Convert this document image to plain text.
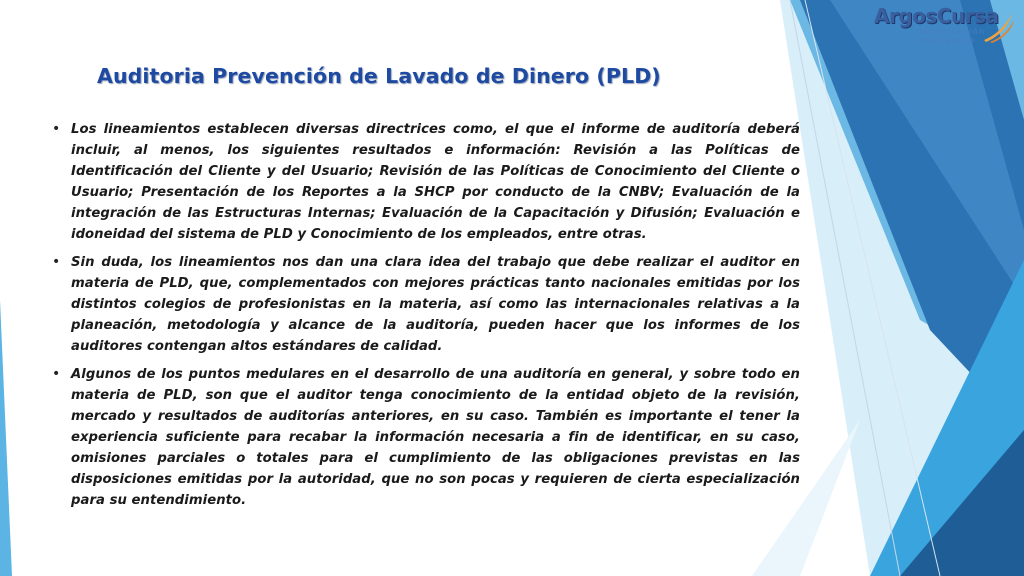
ArgosCursa
Capacitación
Inteligente
Auditoria Prevención de Lavado de Dinero (PLD)
• Los lineamientos establecen diversas directrices como, el que el informe de auditoría deberá incluir, al menos, los siguientes resultados e información: Revisión a las Políticas de Identificación del Cliente y del Usuario; Revisión de las Políticas de Conocimiento del Cliente o Usuario; Presentación de los Reportes a la SHCP por conducto de la CNBV; Evaluación de la integración de las Estructuras Internas; Evaluación de la Capacitación y Difusión; Evaluación e idoneidad del sistema de PLD y Conocimiento de los empleados, entre otras.
• Sin duda, los lineamientos nos dan una clara idea del trabajo que debe realizar el auditor en materia de PLD, que, complementados con mejores prácticas tanto nacionales emitidas por los distintos colegios de profesionistas en la materia, así como las internacionales relativas a la planeación, metodología y alcance de la auditoría, pueden hacer que los informes de los auditores contengan altos estándares de calidad.
• Algunos de los puntos medulares en el desarrollo de una auditoría en general, y sobre todo en materia de PLD, son que el auditor tenga conocimiento de la entidad objeto de la revisión, mercado y resultados de auditorías anteriores, en su caso. También es importante el tener la experiencia suficiente para recabar la información necesaria a fin de identificar, en su caso, omisiones parciales o totales para el cumplimiento de las obligaciones previstas en las disposiciones emitidas por la autoridad, que no son pocas y requieren de cierta especialización para su entendimiento.
